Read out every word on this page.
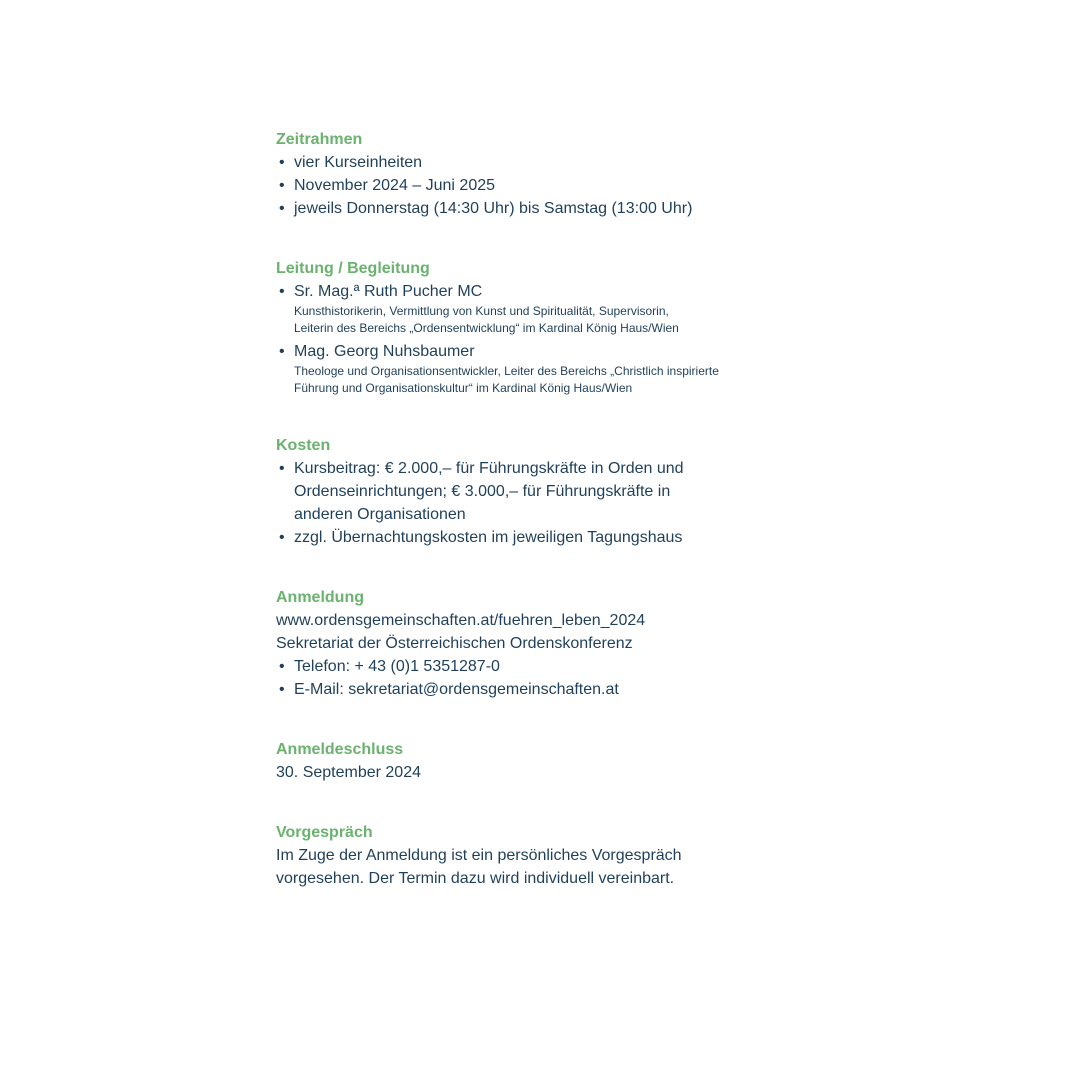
Zeitrahmen
• vier Kurseinheiten
• November 2024 – Juni 2025
• jeweils Donnerstag (14:30 Uhr) bis Samstag (13:00 Uhr)
Leitung / Begleitung
• Sr. Mag.ª Ruth Pucher MC
Kunsthistorikerin, Vermittlung von Kunst und Spiritualität, Supervisorin,
Leiterin des Bereichs „Ordensentwicklung“ im Kardinal König Haus/Wien
• Mag. Georg Nuhsbaumer
Theologe und Organisationsentwickler, Leiter des Bereichs „Christlich inspirierte
Führung und Organisationskultur“ im Kardinal König Haus/Wien
Kosten
• Kursbeitrag: € 2.000,– für Führungskräfte in Orden und
Ordenseinrichtungen; € 3.000,– für Führungskräfte in
anderen Organisationen
• zzgl. Übernachtungskosten im jeweiligen Tagungshaus
Anmeldung
www.ordensgemeinschaften.at/fuehren_leben_2024
Sekretariat der Österreichischen Ordenskonferenz
• Telefon: + 43 (0)1 5351287-0
• E-Mail: sekretariat@ordensgemeinschaften.at
Anmeldeschluss
30. September 2024
Vorgespräch
Im Zuge der Anmeldung ist ein persönliches Vorgespräch
vorgesehen. Der Termin dazu wird individuell vereinbart.
